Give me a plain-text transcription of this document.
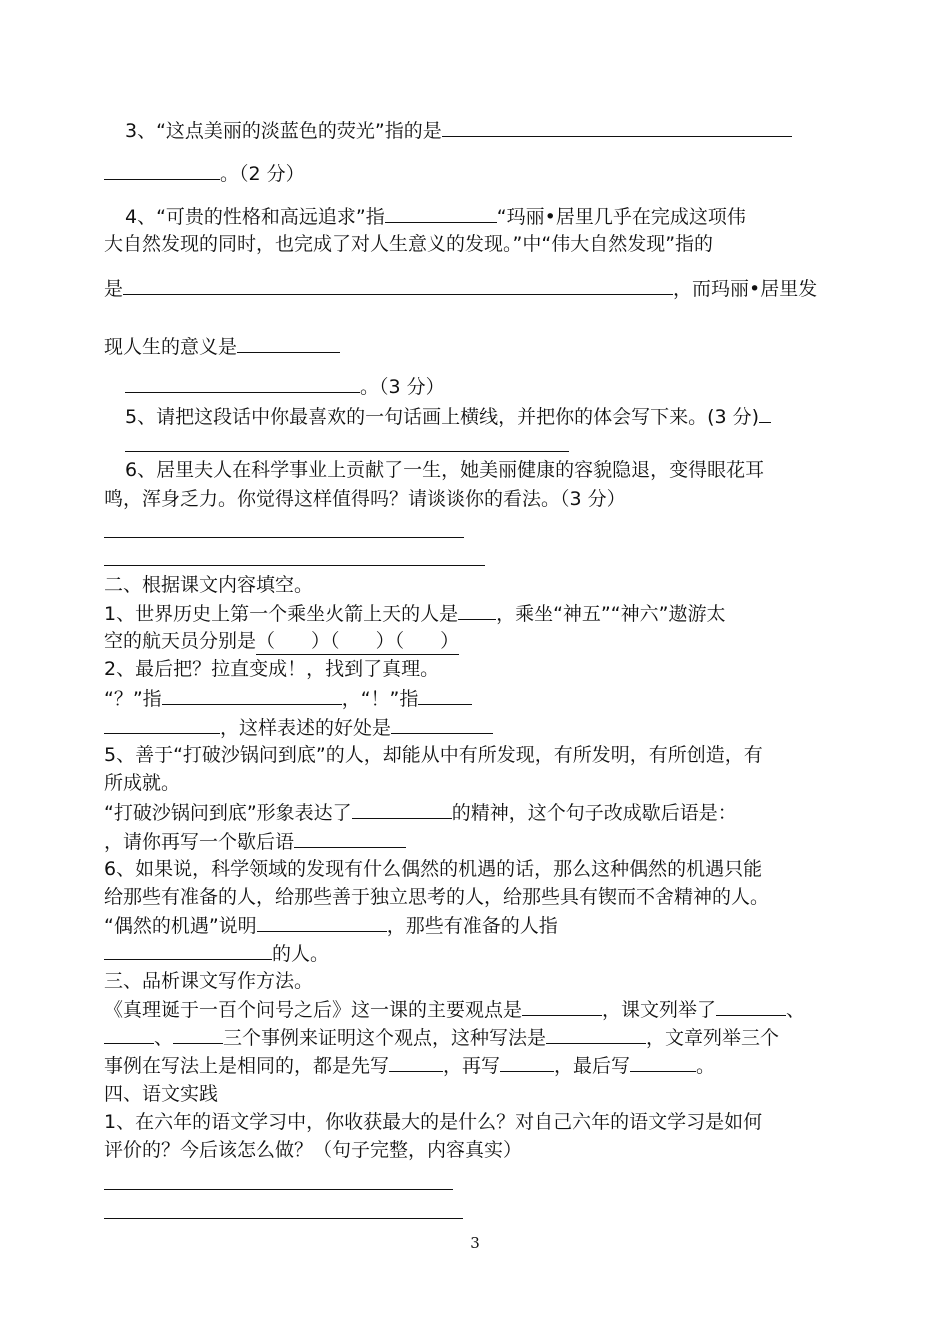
3、“这点美丽的淡蓝色的荧光”指的是
。（2 分）
4、“可贵的性格和高远追求”指	“玛丽•居里几乎在完成这项伟
大自然发现的同时，也完成了对人生意义的发现。”中“伟大自然发现”指的
是	，而玛丽•居里发
现人生的意义是
。（3 分）
5、请把这段话中你最喜欢的一句话画上横线，并把你的体会写下来。(3 分)
6、居里夫人在科学事业上贡献了一生，她美丽健康的容貌隐退，变得眼花耳
鸣，浑身乏力。你觉得这样值得吗？请谈谈你的看法。（3 分）
二、根据课文内容填空。
1、世界历史上第一个乘坐火箭上天的人是 ，乘坐“神五”“神六”遨游太
空的航天员分别是（ ）（ ）（ ）
2、最后把？拉直变成！，找到了真理。
“？”指	，“！”指
，这样表述的好处是
5、善于“打破沙锅问到底”的人，却能从中有所发现，有所发明，有所创造，有
所成就。
“打破沙锅问到底”形象表达了	的精神，这个句子改成歇后语是：
，请你再写一个歇后语
6、如果说，科学领域的发现有什么偶然的机遇的话，那么这种偶然的机遇只能
给那些有准备的人，给那些善于独立思考的人，给那些具有锲而不舍精神的人。
“偶然的机遇”说明	，那些有准备的人指
的人。
三、品析课文写作方法。
《真理诞于一百个问号之后》这一课的主要观点是	，课文列举了	、
、	三个事例来证明这个观点，这种写法是	，文章列举三个
事例在写法上是相同的，都是先写	，再写	，最后写	。
四、语文实践
1、在六年的语文学习中，你收获最大的是什么？对自己六年的语文学习是如何
评价的？今后该怎么做？（句子完整，内容真实）
3
